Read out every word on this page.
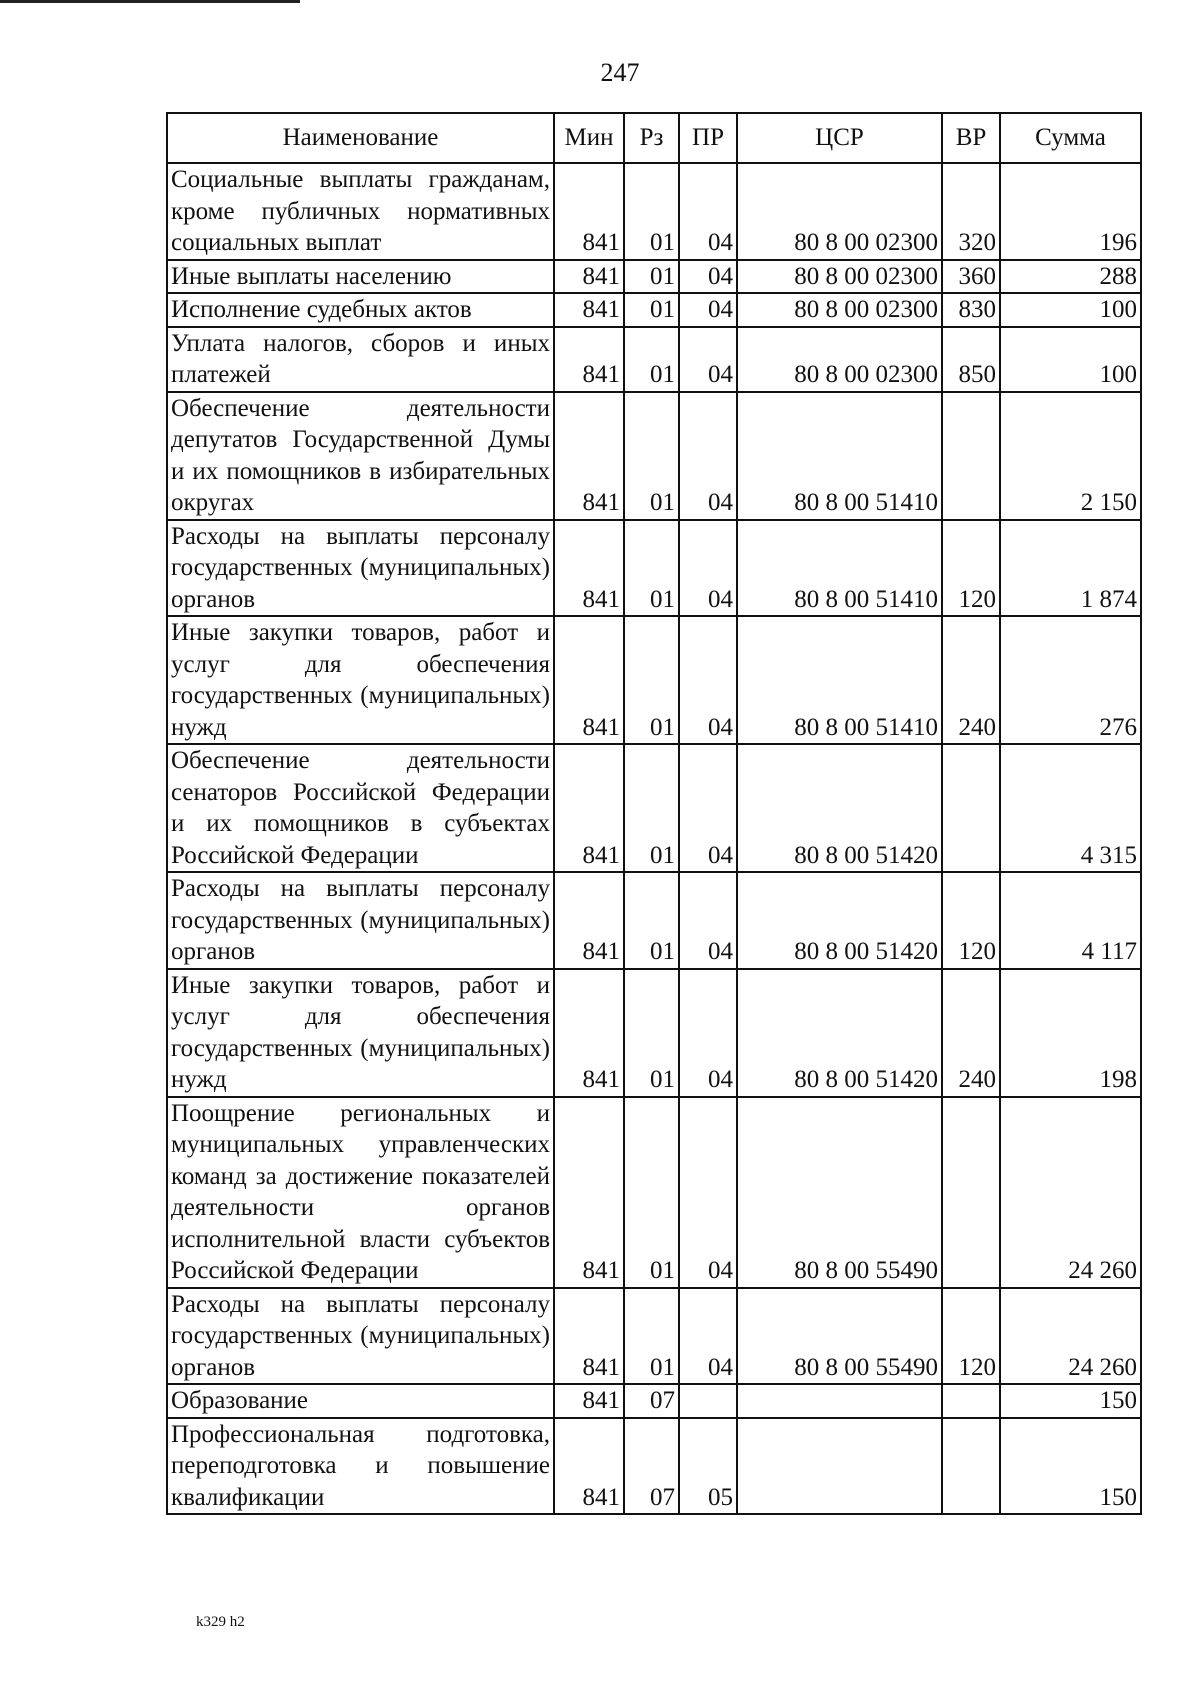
247
Наименование	Мин	Рз	ПР	ЦСР	ВР	Сумма
Социальные выплаты гражданам, кроме публичных нормативных социальных выплат	841	01	04	80 8 00 02300	320	196
Иные выплаты населению	841	01	04	80 8 00 02300	360	288
Исполнение судебных актов	841	01	04	80 8 00 02300	830	100
Уплата налогов, сборов и иных платежей	841	01	04	80 8 00 02300	850	100
Обеспечение деятельности депутатов Государственной Думы и их помощников в избирательных округах	841	01	04	80 8 00 51410		2 150
Расходы на выплаты персоналу государственных (муниципальных) органов	841	01	04	80 8 00 51410	120	1 874
Иные закупки товаров, работ и услуг для обеспечения государственных (муниципальных) нужд	841	01	04	80 8 00 51410	240	276
Обеспечение деятельности сенаторов Российской Федерации и их помощников в субъектах Российской Федерации	841	01	04	80 8 00 51420		4 315
Расходы на выплаты персоналу государственных (муниципальных) органов	841	01	04	80 8 00 51420	120	4 117
Иные закупки товаров, работ и услуг для обеспечения государственных (муниципальных) нужд	841	01	04	80 8 00 51420	240	198
Поощрение региональных и муниципальных управленческих команд за достижение показателей деятельности органов исполнительной власти субъектов Российской Федерации	841	01	04	80 8 00 55490		24 260
Расходы на выплаты персоналу государственных (муниципальных) органов	841	01	04	80 8 00 55490	120	24 260
Образование	841	07				150
Профессиональная подготовка, переподготовка и повышение квалификации	841	07	05			150
k329 h2
